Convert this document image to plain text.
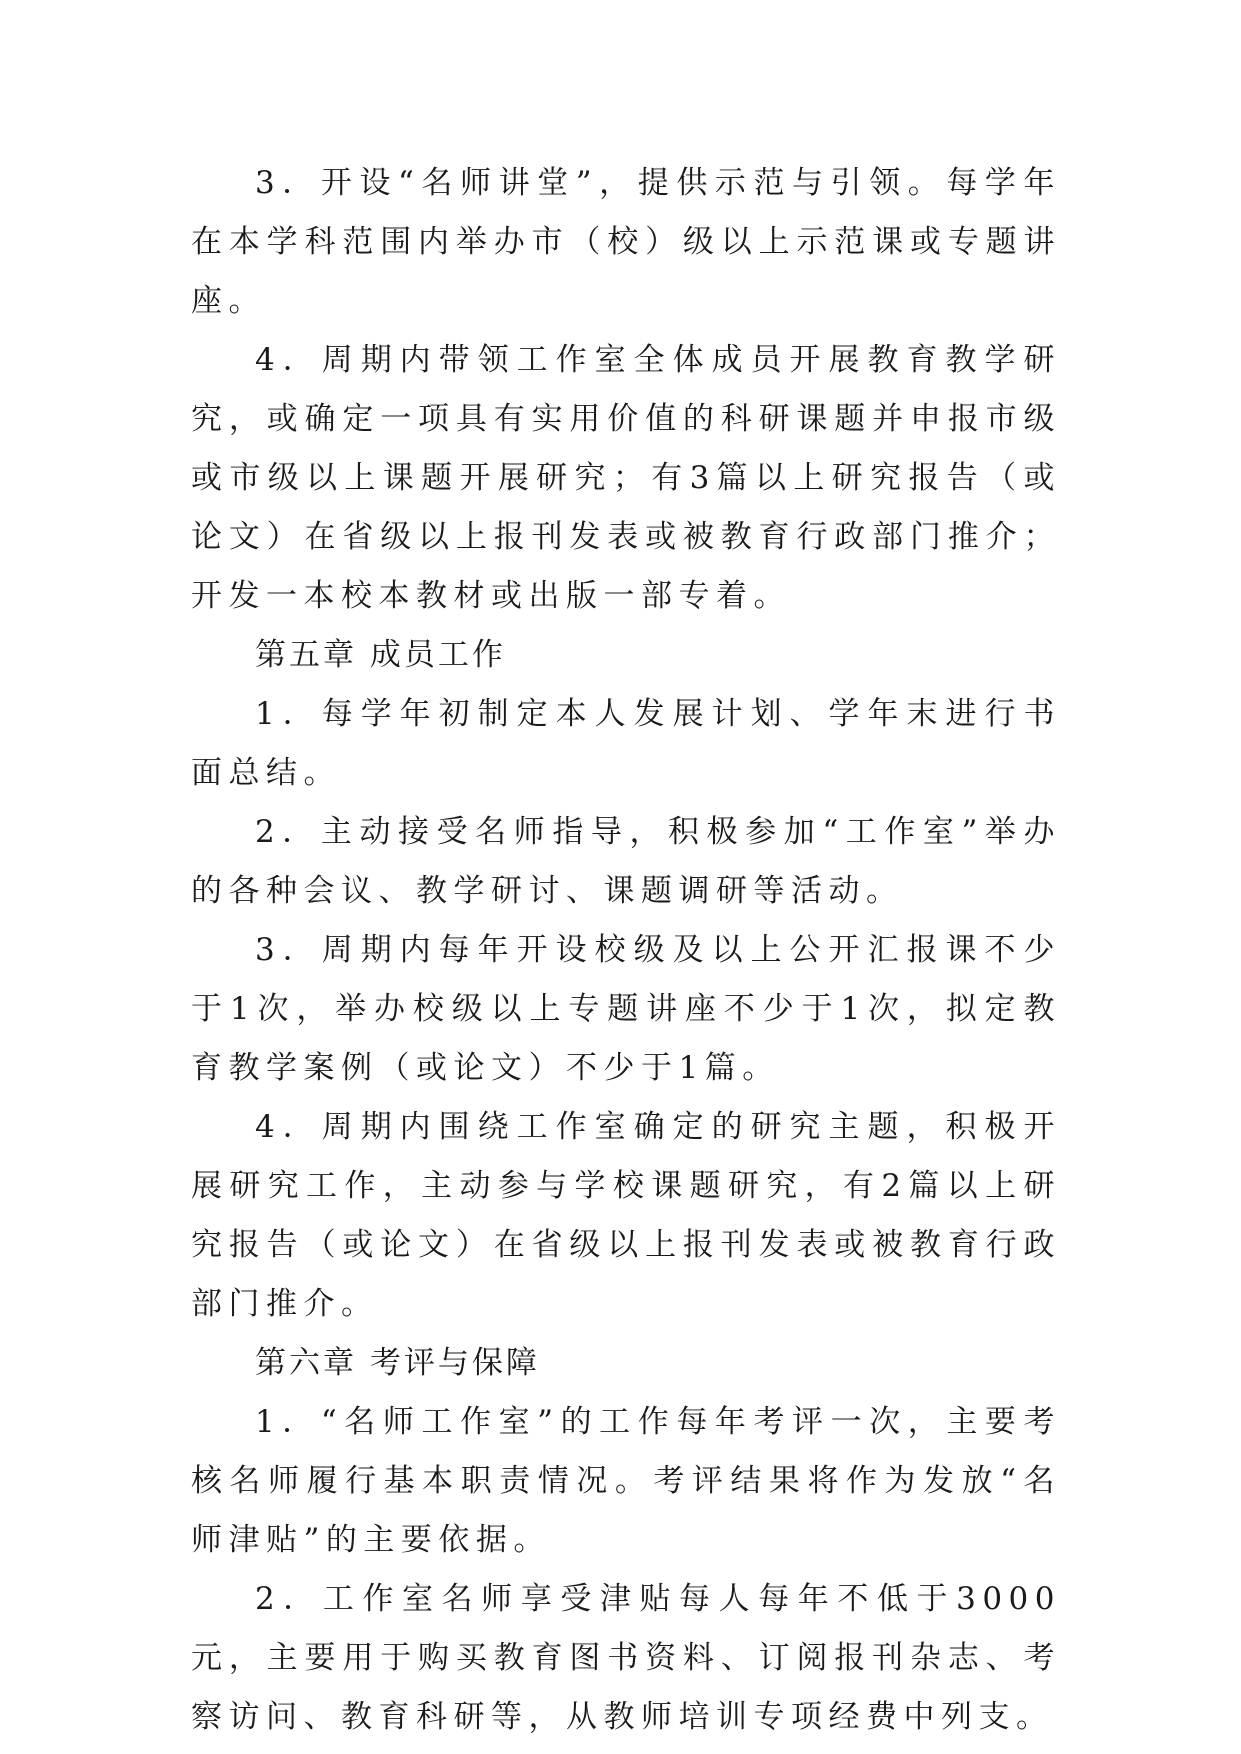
3．开设“名师讲堂”，提供示范与引领。每学年在本学科范围内举办市（校）级以上示范课或专题讲座。

4．周期内带领工作室全体成员开展教育教学研究，或确定一项具有实用价值的科研课题并申报市级或市级以上课题开展研究；有3篇以上研究报告（或论文）在省级以上报刊发表或被教育行政部门推介；开发一本校本教材或出版一部专着。

第五章 成员工作

1．每学年初制定本人发展计划、学年末进行书面总结。

2．主动接受名师指导，积极参加“工作室”举办的各种会议、教学研讨、课题调研等活动。

3．周期内每年开设校级及以上公开汇报课不少于1次，举办校级以上专题讲座不少于1次，拟定教育教学案例（或论文）不少于1篇。

4．周期内围绕工作室确定的研究主题，积极开展研究工作，主动参与学校课题研究，有2篇以上研究报告（或论文）在省级以上报刊发表或被教育行政部门推介。

第六章 考评与保障

1．“名师工作室”的工作每年考评一次，主要考核名师履行基本职责情况。考评结果将作为发放“名师津贴”的主要依据。

2．工作室名师享受津贴每人每年不低于3000元，主要用于购买教育图书资料、订阅报刊杂志、考察访问、教育科研等，从教师培训专项经费中列支。
